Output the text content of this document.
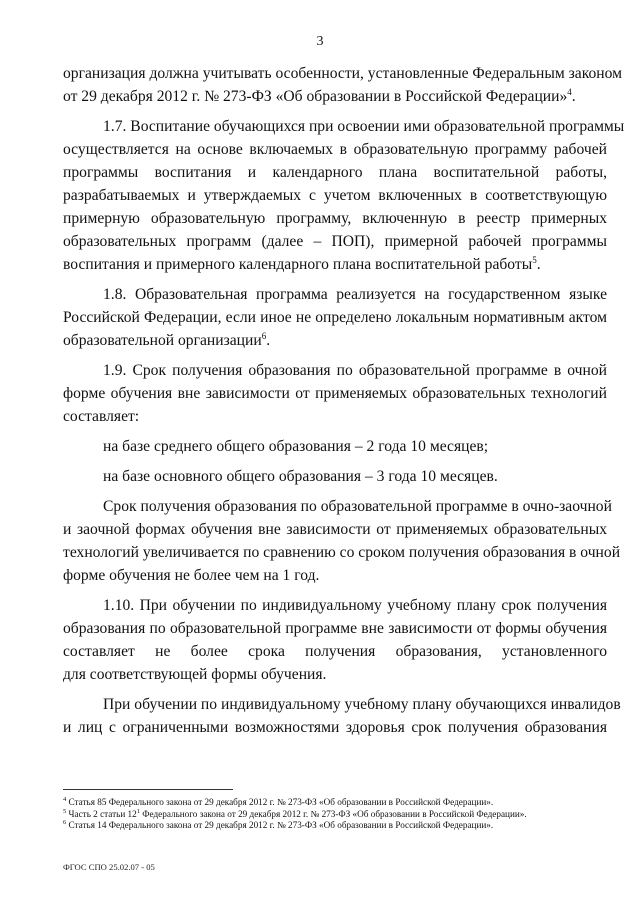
3
организация должна учитывать особенности, установленные Федеральным законом
от 29 декабря 2012 г. № 273-ФЗ «Об образовании в Российской Федерации»$^4$.
1.7. Воспитание обучающихся при освоении ими образовательной программы
осуществляется на основе включаемых в образовательную программу рабочей
программы воспитания и календарного плана воспитательной работы,
разрабатываемых и утверждаемых с учетом включенных в соответствующую
примерную образовательную программу, включенную в реестр примерных
образовательных программ (далее – ПОП), примерной рабочей программы
воспитания и примерного календарного плана воспитательной работы$^5$.
1.8. Образовательная программа реализуется на государственном языке
Российской Федерации, если иное не определено локальным нормативным актом
образовательной организации$^6$.
1.9. Срок получения образования по образовательной программе в очной
форме обучения вне зависимости от применяемых образовательных технологий
составляет:
на базе среднего общего образования – 2 года 10 месяцев;
на базе основного общего образования – 3 года 10 месяцев.
Срок получения образования по образовательной программе в очно-заочной
и заочной формах обучения вне зависимости от применяемых образовательных
технологий увеличивается по сравнению со сроком получения образования в очной
форме обучения не более чем на 1 год.
1.10. При обучении по индивидуальному учебному плану срок получения
образования по образовательной программе вне зависимости от формы обучения
составляет не более срока получения образования, установленного
для соответствующей формы обучения.
При обучении по индивидуальному учебному плану обучающихся инвалидов
и лиц с ограниченными возможностями здоровья срок получения образования
$^4$ Статья 85 Федерального закона от 29 декабря 2012 г. № 273-ФЗ «Об образовании в Российской Федерации».
$^5$ Часть 2 статьи $12^1$ Федерального закона от 29 декабря 2012 г. № 273-ФЗ «Об образовании в Российской Федерации».
$^6$ Статья 14 Федерального закона от 29 декабря 2012 г. № 273-ФЗ «Об образовании в Российской Федерации».
ФГОС СПО 25.02.07 - 05
